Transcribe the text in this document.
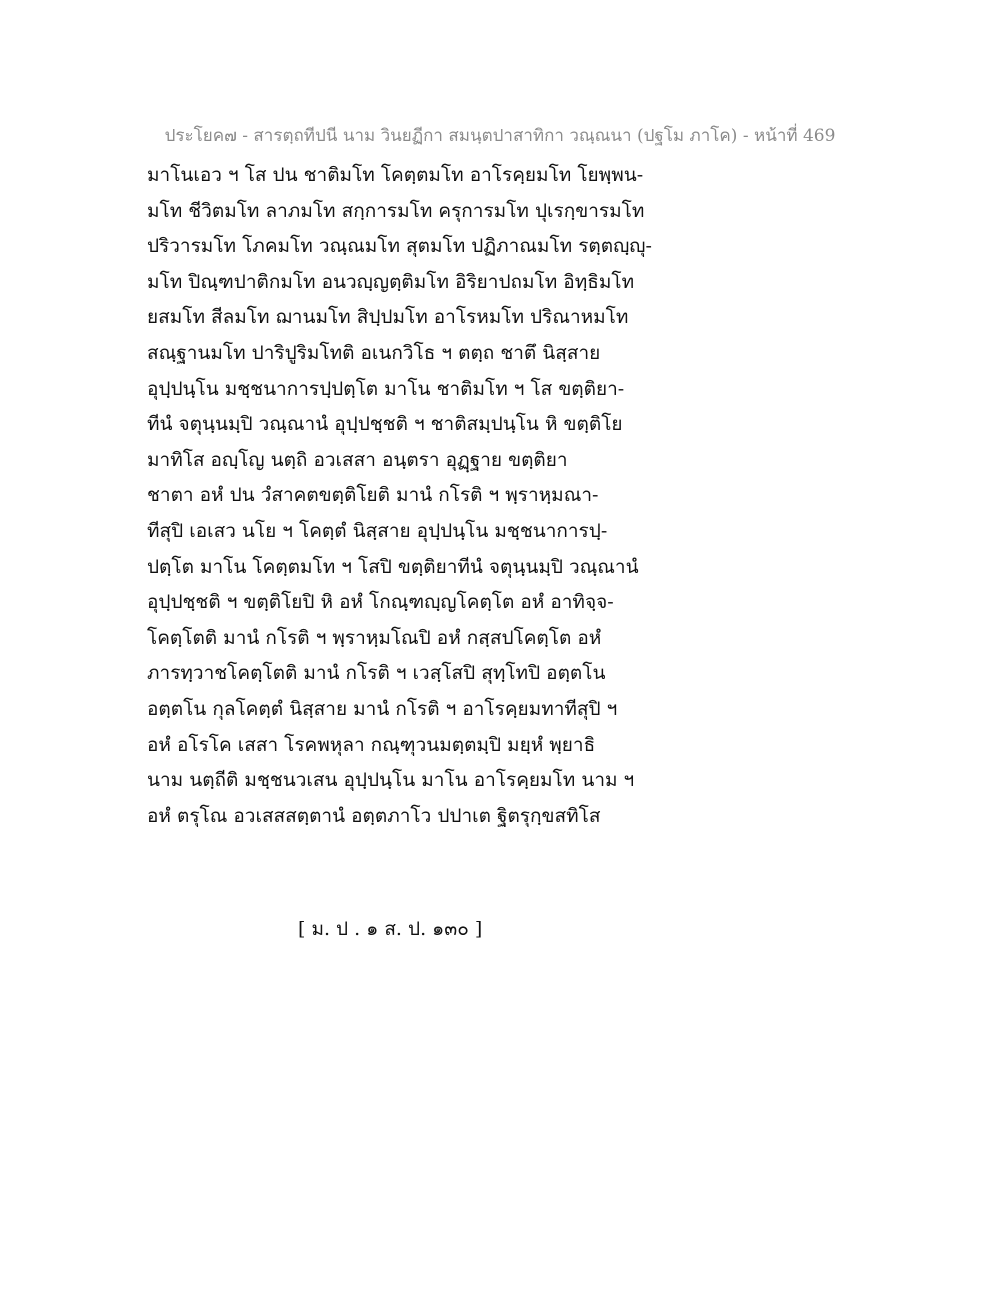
ประโยค๗ - สารตฺถทีปนี นาม วินยฏีกา สมนฺตปาสาทิกา วณฺณนา (ปฐโม ภาโค) - หน้าที่ 469
มาโนเอว ฯ โส ปน ชาติมโท โคตฺตมโท อาโรคฺยมโท โยพฺพน-
มโท ชีวิตมโท ลาภมโท สกฺการมโท ครุการมโท ปุเรกฺขารมโท
ปริวารมโท โภคมโท วณฺณมโท สุตมโท ปฏิภาณมโท รตฺตญฺญุ-
มโท ปิณฺฑปาติกมโท อนวญฺญตฺติมโท อิริยาปถมโท อิทฺธิมโท
ยสมโท สีลมโท ฌานมโท สิปฺปมโท อาโรหมโท ปริณาหมโท
สณฺฐานมโท ปาริปูริมโทติ อเนกวิโธ ฯ ตตฺถ ชาตึ นิสฺสาย
อุปฺปนฺโน มชฺชนาการปฺปตฺโต มาโน ชาติมโท ฯ โส ขตฺติยา-
ทีนํ จตุนฺนมฺปิ วณฺณานํ อุปฺปชฺชติ ฯ ชาติสมฺปนฺโน หิ ขตฺติโย
มาทิโส อญฺโญ นตฺถิ อวเสสา อนฺตรา อุฏฺฐาย ขตฺติยา
ชาตา อหํ ปน วํสาคตขตฺติโยติ มานํ กโรติ ฯ พฺราหฺมณา-
ทีสุปิ เอเสว นโย ฯ โคตฺตํ นิสฺสาย อุปฺปนฺโน มชฺชนาการปฺ-
ปตฺโต มาโน โคตฺตมโท ฯ โสปิ ขตฺติยาทีนํ จตุนฺนมฺปิ วณฺณานํ
อุปฺปชฺชติ ฯ ขตฺติโยปิ หิ อหํ โกณฺฑญฺญโคตฺโต อหํ อาทิจฺจ-
โคตฺโตติ มานํ กโรติ ฯ พฺราหฺมโณปิ อหํ กสฺสปโคตฺโต อหํ
ภารทฺวาชโคตฺโตติ มานํ กโรติ ฯ เวสฺโสปิ สุทฺโทปิ อตฺตโน
อตฺตโน กุลโคตฺตํ นิสฺสาย มานํ กโรติ ฯ อาโรคฺยมทาทีสุปิ ฯ
อหํ อโรโค เสสา โรคพหุลา กณฺฑุวนมตฺตมฺปิ มยฺหํ พฺยาธิ
นาม นตฺถีติ มชฺชนวเสน อุปฺปนฺโน มาโน อาโรคฺยมโท นาม ฯ
อหํ ตรุโณ อวเสสสตฺตานํ อตฺตภาโว ปปาเต ฐิตรุกฺขสทิโส
[ ม. ป . ๑ ส. ป. ๑๓๐ ]
